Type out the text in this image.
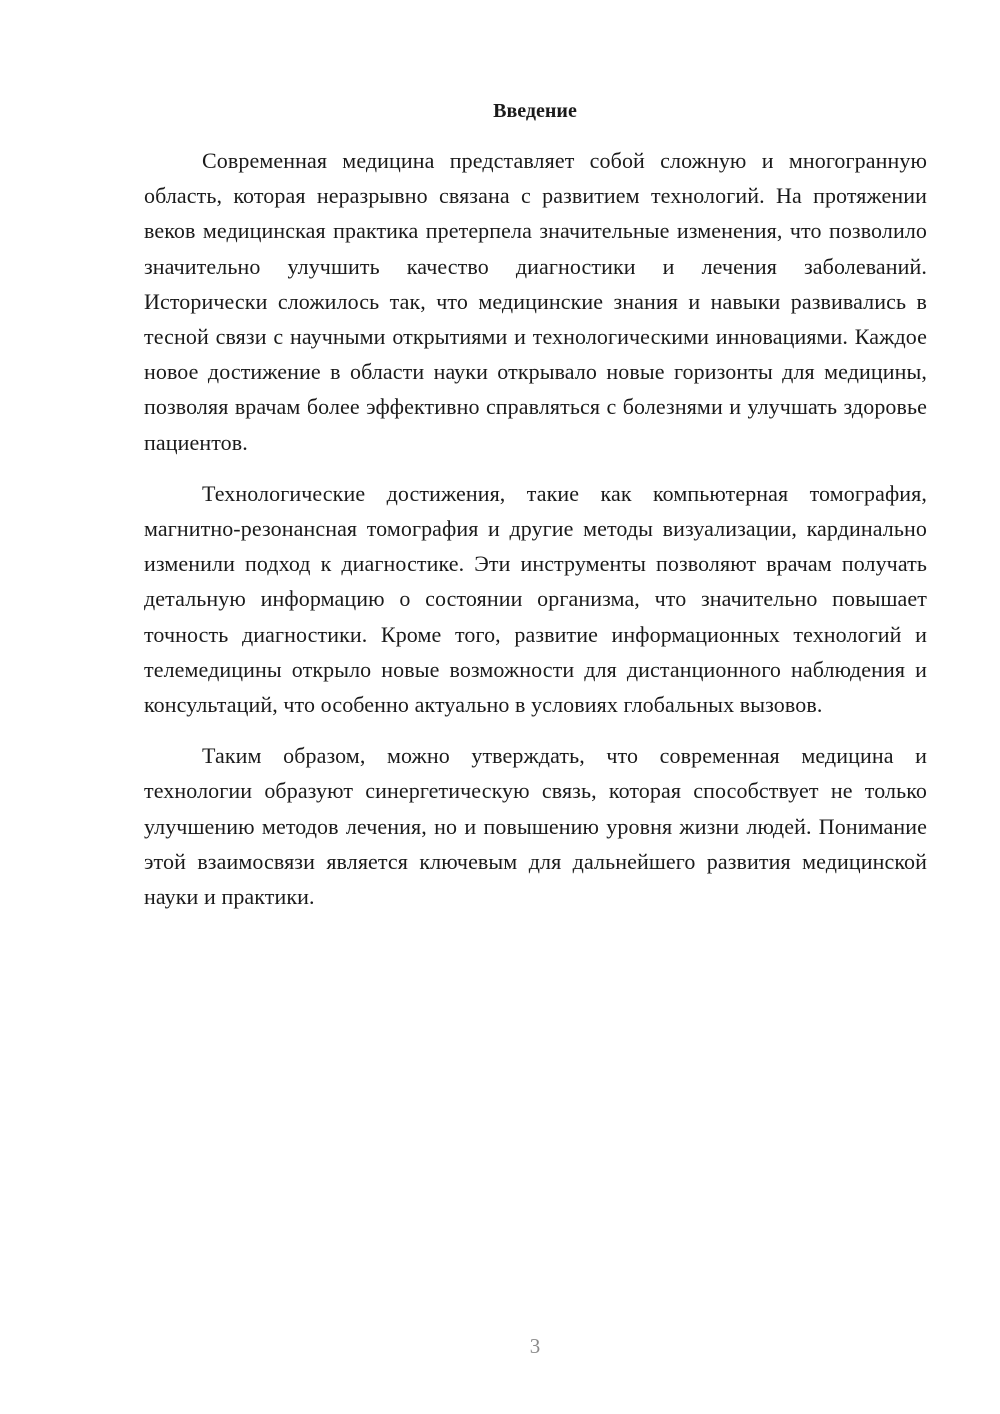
Введение

Современная медицина представляет собой сложную и многогранную область, которая неразрывно связана с развитием технологий. На протяжении веков медицинская практика претерпела значительные изменения, что позволило значительно улучшить качество диагностики и лечения заболеваний. Исторически сложилось так, что медицинские знания и навыки развивались в тесной связи с научными открытиями и технологическими инновациями. Каждое новое достижение в области науки открывало новые горизонты для медицины, позволяя врачам более эффективно справляться с болезнями и улучшать здоровье пациентов.

Технологические достижения, такие как компьютерная томография, магнитно-резонансная томография и другие методы визуализации, кардинально изменили подход к диагностике. Эти инструменты позволяют врачам получать детальную информацию о состоянии организма, что значительно повышает точность диагностики. Кроме того, развитие информационных технологий и телемедицины открыло новые возможности для дистанционного наблюдения и консультаций, что особенно актуально в условиях глобальных вызовов.

Таким образом, можно утверждать, что современная медицина и технологии образуют синергетическую связь, которая способствует не только улучшению методов лечения, но и повышению уровня жизни людей. Понимание этой взаимосвязи является ключевым для дальнейшего развития медицинской науки и практики.

3
